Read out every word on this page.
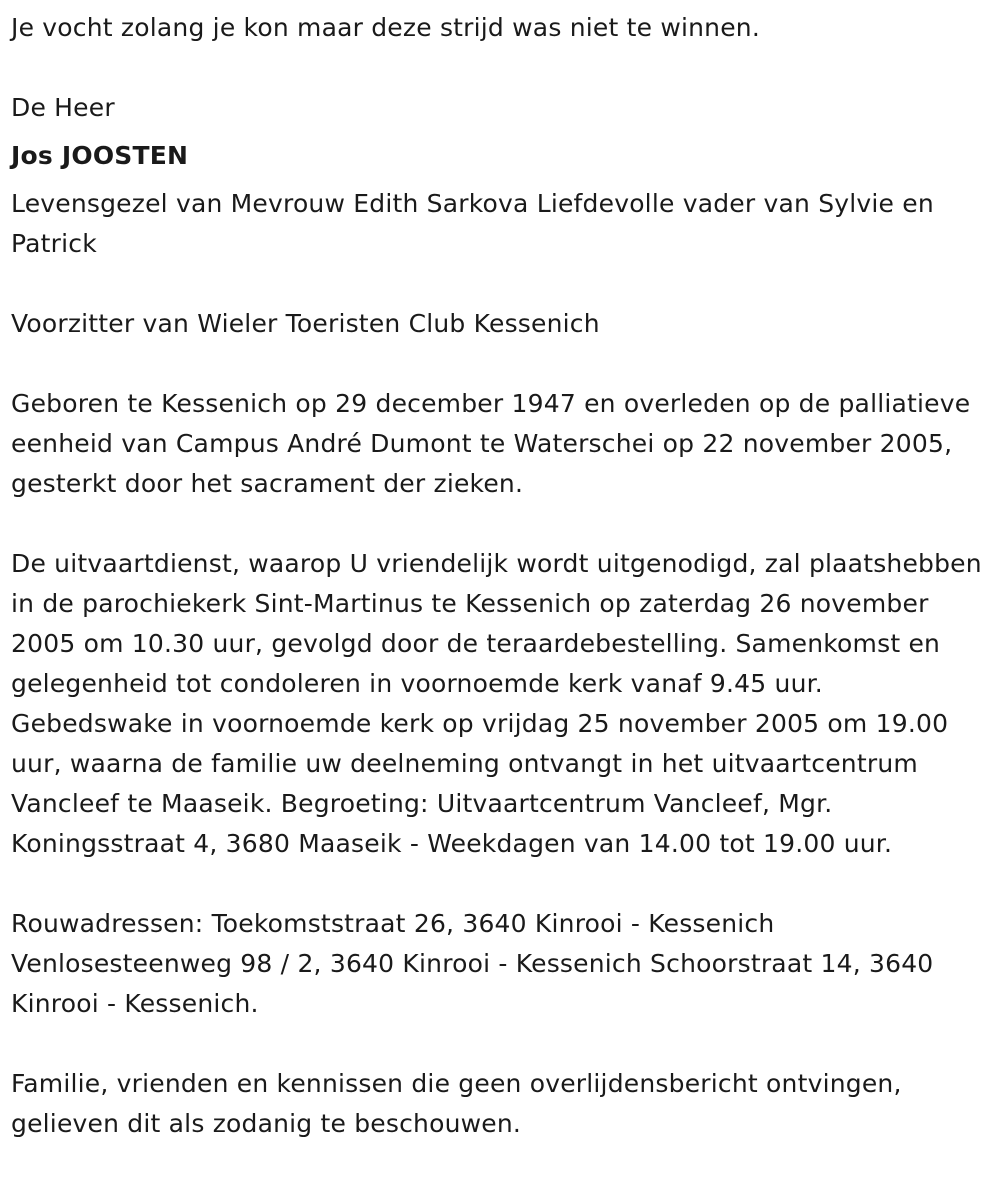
Je vocht zolang je kon maar deze strijd was niet te winnen.

De Heer

Jos JOOSTEN

Levensgezel van Mevrouw Edith Sarkova Liefdevolle vader van Sylvie en Patrick

Voorzitter van Wieler Toeristen Club Kessenich

Geboren te Kessenich op 29 december 1947 en overleden op de palliatieve eenheid van Campus André Dumont te Waterschei op 22 november 2005, gesterkt door het sacrament der zieken.

De uitvaartdienst, waarop U vriendelijk wordt uitgenodigd, zal plaatshebben in de parochiekerk Sint-Martinus te Kessenich op zaterdag 26 november 2005 om 10.30 uur, gevolgd door de teraardebestelling. Samenkomst en gelegenheid tot condoleren in voornoemde kerk vanaf 9.45 uur. Gebedswake in voornoemde kerk op vrijdag 25 november 2005 om 19.00 uur, waarna de familie uw deelneming ontvangt in het uitvaartcentrum Vancleef te Maaseik. Begroeting: Uitvaartcentrum Vancleef, Mgr. Koningsstraat 4, 3680 Maaseik - Weekdagen van 14.00 tot 19.00 uur.

Rouwadressen: Toekomststraat 26, 3640 Kinrooi - Kessenich Venlosesteenweg 98 / 2, 3640 Kinrooi - Kessenich Schoorstraat 14, 3640 Kinrooi - Kessenich.

Familie, vrienden en kennissen die geen overlijdensbericht ontvingen, gelieven dit als zodanig te beschouwen.
